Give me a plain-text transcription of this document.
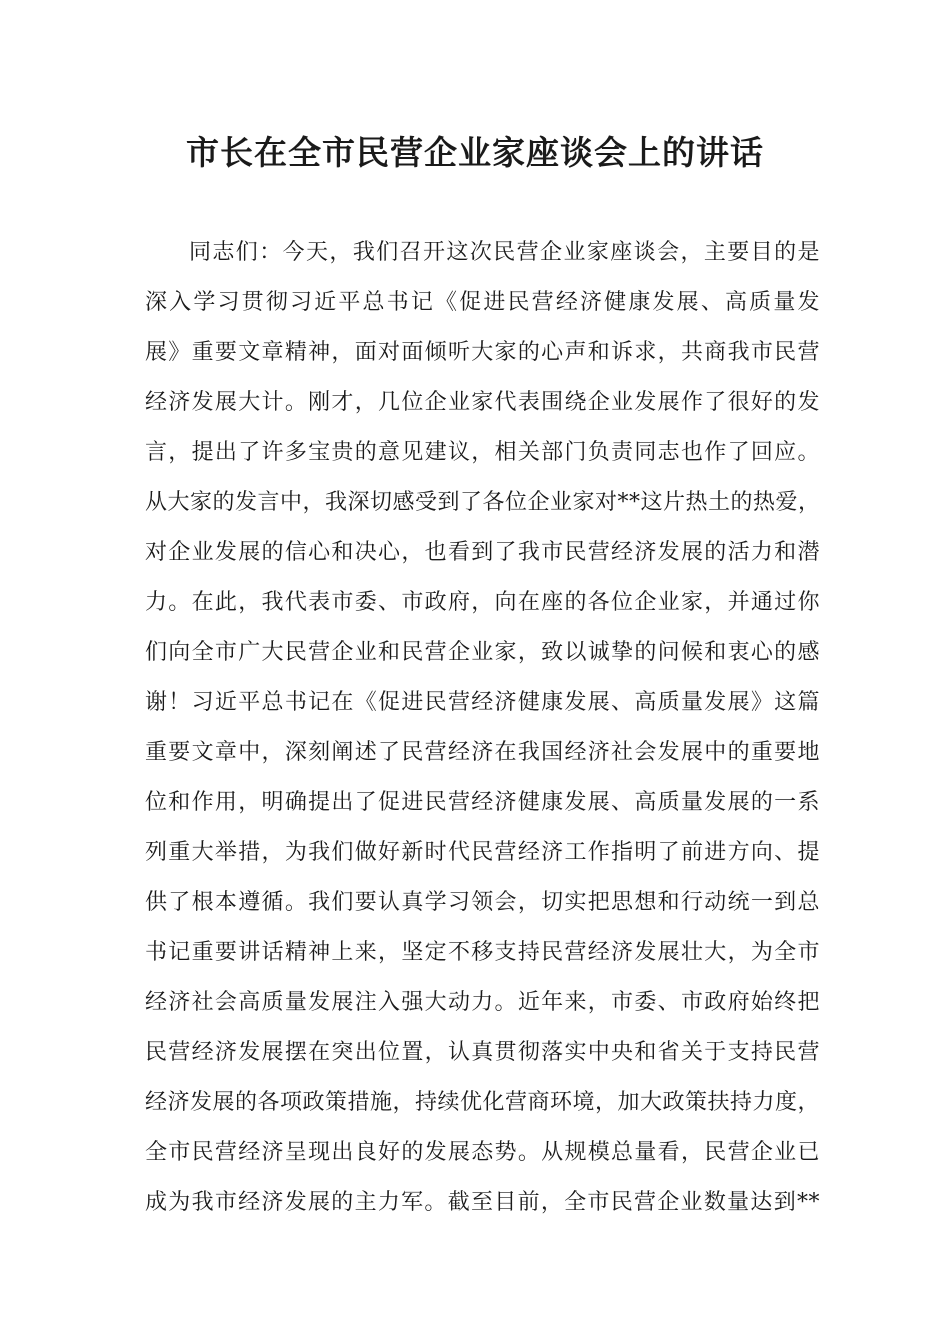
市长在全市民营企业家座谈会上的讲话
同志们：今天，我们召开这次民营企业家座谈会，主要目的是
深入学习贯彻习近平总书记《促进民营经济健康发展、高质量发
展》重要文章精神，面对面倾听大家的心声和诉求，共商我市民营
经济发展大计。刚才，几位企业家代表围绕企业发展作了很好的发
言，提出了许多宝贵的意见建议，相关部门负责同志也作了回应。
从大家的发言中，我深切感受到了各位企业家对**这片热土的热爱，
对企业发展的信心和决心，也看到了我市民营经济发展的活力和潜
力。在此，我代表市委、市政府，向在座的各位企业家，并通过你
们向全市广大民营企业和民营企业家，致以诚挚的问候和衷心的感
谢！习近平总书记在《促进民营经济健康发展、高质量发展》这篇
重要文章中，深刻阐述了民营经济在我国经济社会发展中的重要地
位和作用，明确提出了促进民营经济健康发展、高质量发展的一系
列重大举措，为我们做好新时代民营经济工作指明了前进方向、提
供了根本遵循。我们要认真学习领会，切实把思想和行动统一到总
书记重要讲话精神上来，坚定不移支持民营经济发展壮大，为全市
经济社会高质量发展注入强大动力。近年来，市委、市政府始终把
民营经济发展摆在突出位置，认真贯彻落实中央和省关于支持民营
经济发展的各项政策措施，持续优化营商环境，加大政策扶持力度，
全市民营经济呈现出良好的发展态势。从规模总量看，民营企业已
成为我市经济发展的主力军。截至目前，全市民营企业数量达到**
